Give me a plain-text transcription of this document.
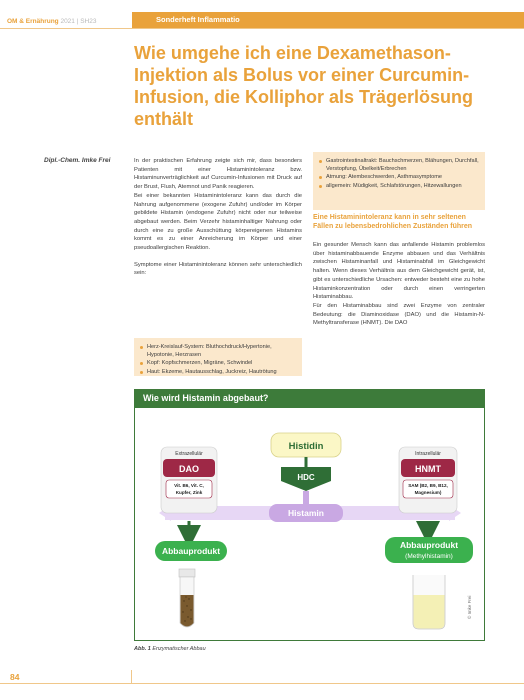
OM & Ernährung 2021 | SH23	Sonderheft Inflammatio
Wie umgehe ich eine Dexamethason-Injektion als Bolus vor einer Curcumin-Infusion, die Kolliphor als Trägerlösung enthält
Dipl.-Chem. Imke Frei	In der praktischen Erfahrung zeigte sich mir, dass besonders Patienten mit einer Histaminintoleranz bzw. Histaminunverträglichkeit auf Curcumin-Infusionen mit Druck auf der Brust, Flush, Atemnot und Panik reagieren.

Bei einer bekannten Histaminintoleranz kann das durch die Nahrung aufgenommene (exogene Zufuhr) und/oder im Körper gebildete Histamin (endogene Zufuhr) nicht oder nur teilweise abgebaut werden. Beim Verzehr histaminhaltiger Nahrung oder durch eine zu große Ausschüttung körpereigenen Histamins kommt es zu einer Anreicherung im Körper und einer pseudoallergischen Reaktion.

Symptome einer Histaminintoleranz können sehr unterschiedlich sein:

Herz-Kreislauf-System: Bluthochdruck/Hypertonie, Hypotonie, Herzrasen
Kopf: Kopfschmerzen, Migräne, Schwindel
Haut: Ekzeme, Hautausschlag, Juckreiz, Hautrötung
Gastrointestinaltrakt: Bauchschmerzen, Blähungen, Durchfall, Verstopfung, Übelkeit/Erbrechen
Atmung: Atembeschwerden, Asthmasymptome
allgemein: Müdigkeit, Schlafstörungen, Hitzewallungen
Eine Histaminintoleranz kann in sehr seltenen Fällen zu lebensbedrohlichen Zuständen führen

Ein gesunder Mensch kann das anfallende Histamin problemlos über histaminabbauende Enzyme abbauen und das Verhältnis zwischen Histaminanfall und Histaminabfall im Gleichgewicht halten. Wenn dieses Verhältnis aus dem Gleichgewicht gerät, ist, gibt es unterschiedliche Ursachen: entweder besteht eine zu hohe Histaminkonzentration oder durch einen verringerten Histaminabbau.

Für den Histaminabbau sind zwei Enzyme von zentraler Bedeutung: die Diaminoxidase (DAO) und die Histamin-N-Methyltransferase (HNMT). Die DAO

Wie wird Histamin abgebaut?
Histidin
HDC
Histamin
Extrazellulär
DAO
Vit. B6, Vit. C,
Kupfer, Zink
Intrazellulär
HNMT
SAM (B2, B9, B12,
Magnesium)
Abbauprodukt
Abbauprodukt
(Methylhistamin)
© Imke Frei
Abb. 1 Enzymatischer Abbau
84
